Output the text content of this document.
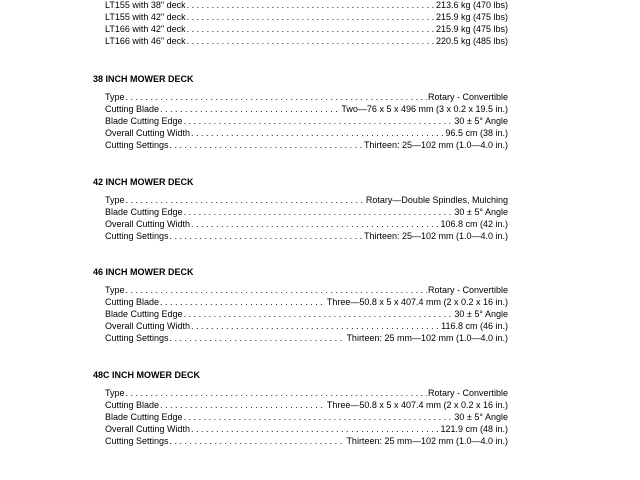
LT155 with 38" deck . . .	213.6 kg (470 lbs)
LT155 with 42" deck . . .	215.9 kg (475 lbs)
LT166 with 42" deck . . .	215.9 kg (475 lbs)
LT166 with 46" deck . . .	220.5 kg (485 lbs)
38 INCH MOWER DECK
Type . . .	Rotary - Convertible
Cutting Blade . . .	Two—76 x 5 x 496 mm (3 x 0.2 x 19.5 in.)
Blade Cutting Edge . . .	30 ± 5° Angle
Overall Cutting Width . . .	96.5 cm (38 in.)
Cutting Settings . . .	Thirteen: 25—102 mm (1.0—4.0 in.)
42 INCH MOWER DECK
Type . . .	Rotary—Double Spindles, Mulching
Blade Cutting Edge . . .	30 ± 5° Angle
Overall Cutting Width . . .	106.8 cm (42 in.)
Cutting Settings . . .	Thirteen: 25—102 mm (1.0—4.0 in.)
46 INCH MOWER DECK
Type . . .	Rotary - Convertible
Cutting Blade . . .	Three—50.8 x 5 x 407.4 mm (2 x 0.2 x 16 in.)
Blade Cutting Edge . . .	30 ± 5° Angle
Overall Cutting Width . . .	116.8 cm (46 in.)
Cutting Settings . . .	Thirteen: 25 mm—102 mm (1.0—4.0 in.)
48C INCH MOWER DECK
Type . . .	Rotary - Convertible
Cutting Blade . . .	Three—50.8 x 5 x 407.4 mm (2 x 0.2 x 16 in.)
Blade Cutting Edge . . .	30 ± 5° Angle
Overall Cutting Width . . .	121.9 cm (48 in.)
Cutting Settings . . .	Thirteen: 25 mm—102 mm (1.0—4.0 in.)
